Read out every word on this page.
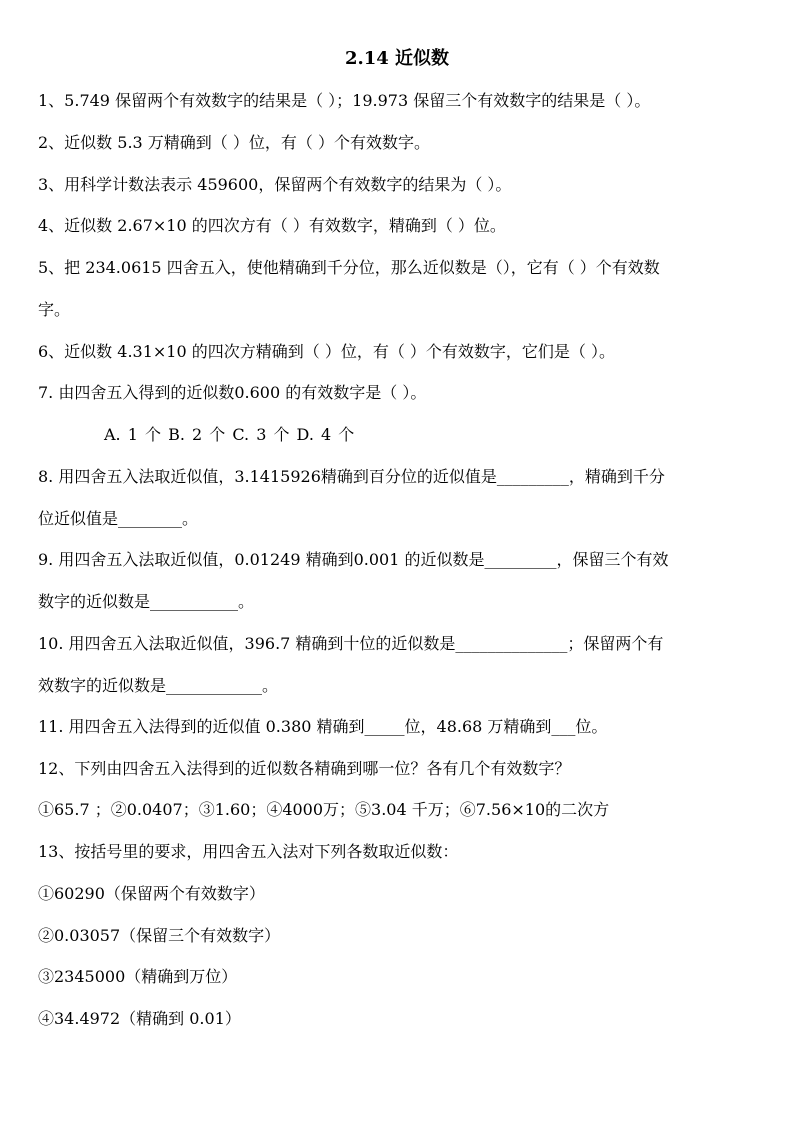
2.14 近似数
1、5.749 保留两个有效数字的结果是（ ）；19.973 保留三个有效数字的结果是（ ）。
2、近似数 5.3 万精确到（ ）位，有（ ）个有效数字。
3、用科学计数法表示 459600，保留两个有效数字的结果为（ ）。
4、近似数 2.67×10 的四次方有（ ）有效数字，精确到（ ）位。
5、把 234.0615 四舍五入，使他精确到千分位，那么近似数是（），它有（ ）个有效数
字。
6、近似数 4.31×10 的四次方精确到（ ）位，有（ ）个有效数字，它们是（ ）。
7. 由四舍五入得到的近似数0.600 的有效数字是（ ）。
A. 1 个 B. 2 个 C. 3 个 D. 4 个
8. 用四舍五入法取近似值，3.1415926精确到百分位的近似值是_________，精确到千分
位近似值是________。
9. 用四舍五入法取近似值，0.01249 精确到0.001 的近似数是_________，保留三个有效
数字的近似数是___________。
10. 用四舍五入法取近似值，396.7 精确到十位的近似数是______________；保留两个有
效数字的近似数是____________。
11. 用四舍五入法得到的近似值 0.380 精确到_____位，48.68 万精确到___位。
12、下列由四舍五入法得到的近似数各精确到哪一位？各有几个有效数字？
①65.7 ；②0.0407；③1.60；④4000万；⑤3.04 千万；⑥7.56×10的二次方
13、按括号里的要求，用四舍五入法对下列各数取近似数：
①60290（保留两个有效数字）
②0.03057（保留三个有效数字）
③2345000（精确到万位）
④34.4972（精确到 0.01）
